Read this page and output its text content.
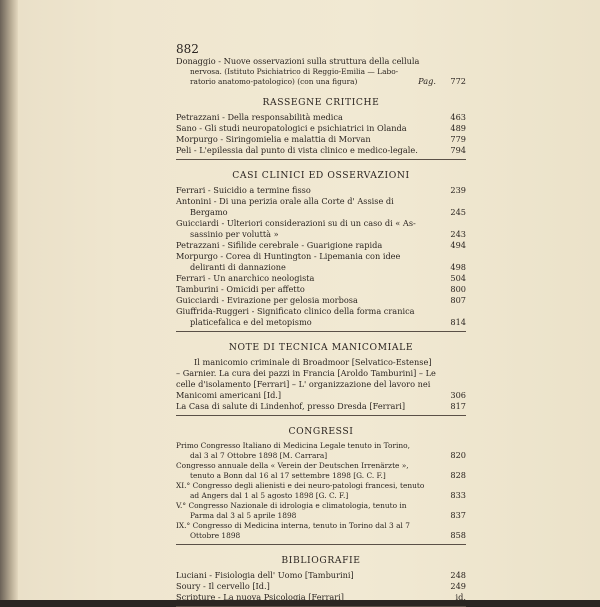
882
Donaggio - Nuove osservazioni sulla struttura della cellula
nervosa. (Istituto Psichiatrico di Reggio-Emilia — Labo-
ratorio anatomo-patologico) (con una figura)	Pag. 772
RASSEGNE CRITICHE
Petrazzani - Della responsabilità medica	463
Sano - Gli studi neuropatologici e psichiatrici in Olanda	489
Morpurgo - Siringomielia e malattia di Morvan	779
Peli - L'epilessia dal punto di vista clinico e medico-legale.	794
CASI CLINICI ED OSSERVAZIONI
Ferrari - Suicidio a termine fisso	239
Antonini - Di una perizia orale alla Corte d' Assise di
Bergamo	245
Guicciardi - Ulteriori considerazioni su di un caso di « As-
sassinio per voluttà »	243
Petrazzani - Sifilide cerebrale - Guarigione rapida	494
Morpurgo - Corea di Huntington - Lipemania con idee
deliranti di dannazione	498
Ferrari - Un anarchico neologista	504
Tamburini - Omicidi per affetto	800
Guicciardi - Evirazione per gelosia morbosa	807
Giuffrida-Ruggeri - Significato clinico della forma cranica
platicefalica e del metopismo	814
NOTE DI TECNICA MANICOMIALE
Il manicomio criminale di Broadmoor [Selvatico-Estense] – Garnier. La cura dei pazzi in Francia [Aroldo Tamburini] – Le celle d'isolamento [Ferrari] – L' organizzazione del lavoro nei Manicomi americani [Id.]	306
La Casa di salute di Lindenhof, presso Dresda [Ferrari]	817
CONGRESSI
Primo Congresso Italiano di Medicina Legale tenuto in Torino,
dal 3 al 7 Ottobre 1898 [M. Carrara]	820
Congresso annuale della « Verein der Deutschen Irrenärzte »,
tenuto a Bonn dal 16 al 17 settembre 1898 [G. C. F.]	828
XI.° Congresso degli alienisti e dei neuro-patologi francesi, tenuto
ad Angers dal 1 al 5 agosto 1898 [G. C. F.]	833
V.° Congresso Nazionale di idrologia e climatologia, tenuto in
Parma dal 3 al 5 aprile 1898	837
IX.° Congresso di Medicina interna, tenuto in Torino dal 3 al 7
Ottobre 1898	858
BIBLIOGRAFIE
Luciani - Fisiologia dell' Uomo [Tamburini]	248
Soury - Il cervello [Id.]	249
Scripture - La nuova Psicologia [Ferrari]	id.
